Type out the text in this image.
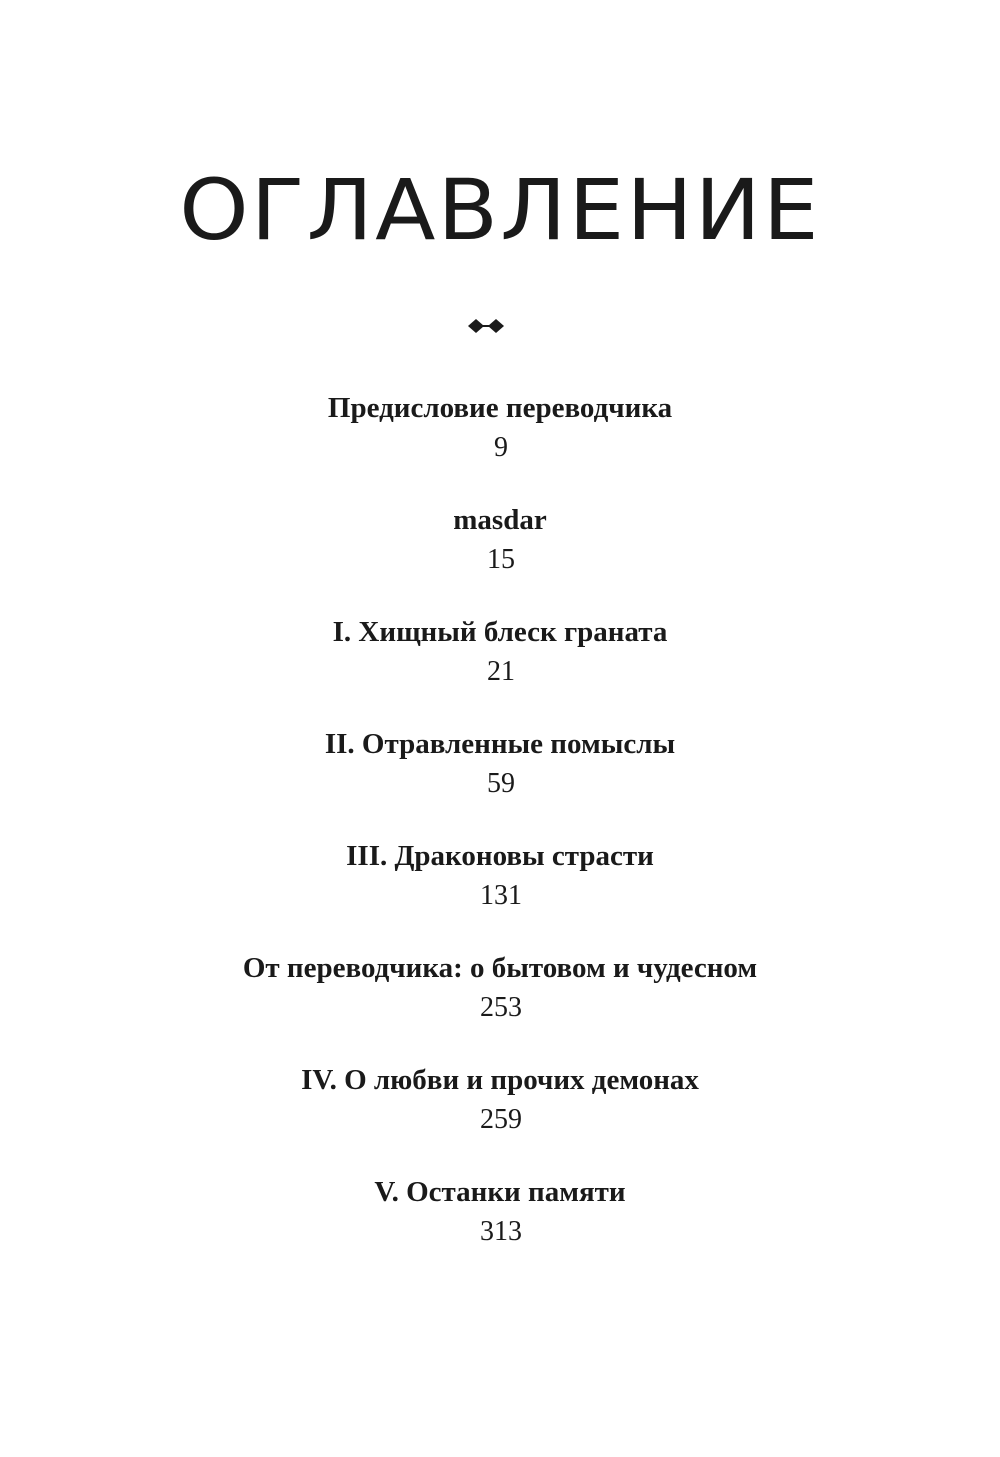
ОГЛАВЛЕНИЕ
Предисловие переводчика
9
masdar
15
I. Хищный блеск граната
21
II. Отравленные помыслы
59
III. Драконовы страсти
131
От переводчика: о бытовом и чудесном
253
IV. О любви и прочих демонах
259
V. Останки памяти
313
